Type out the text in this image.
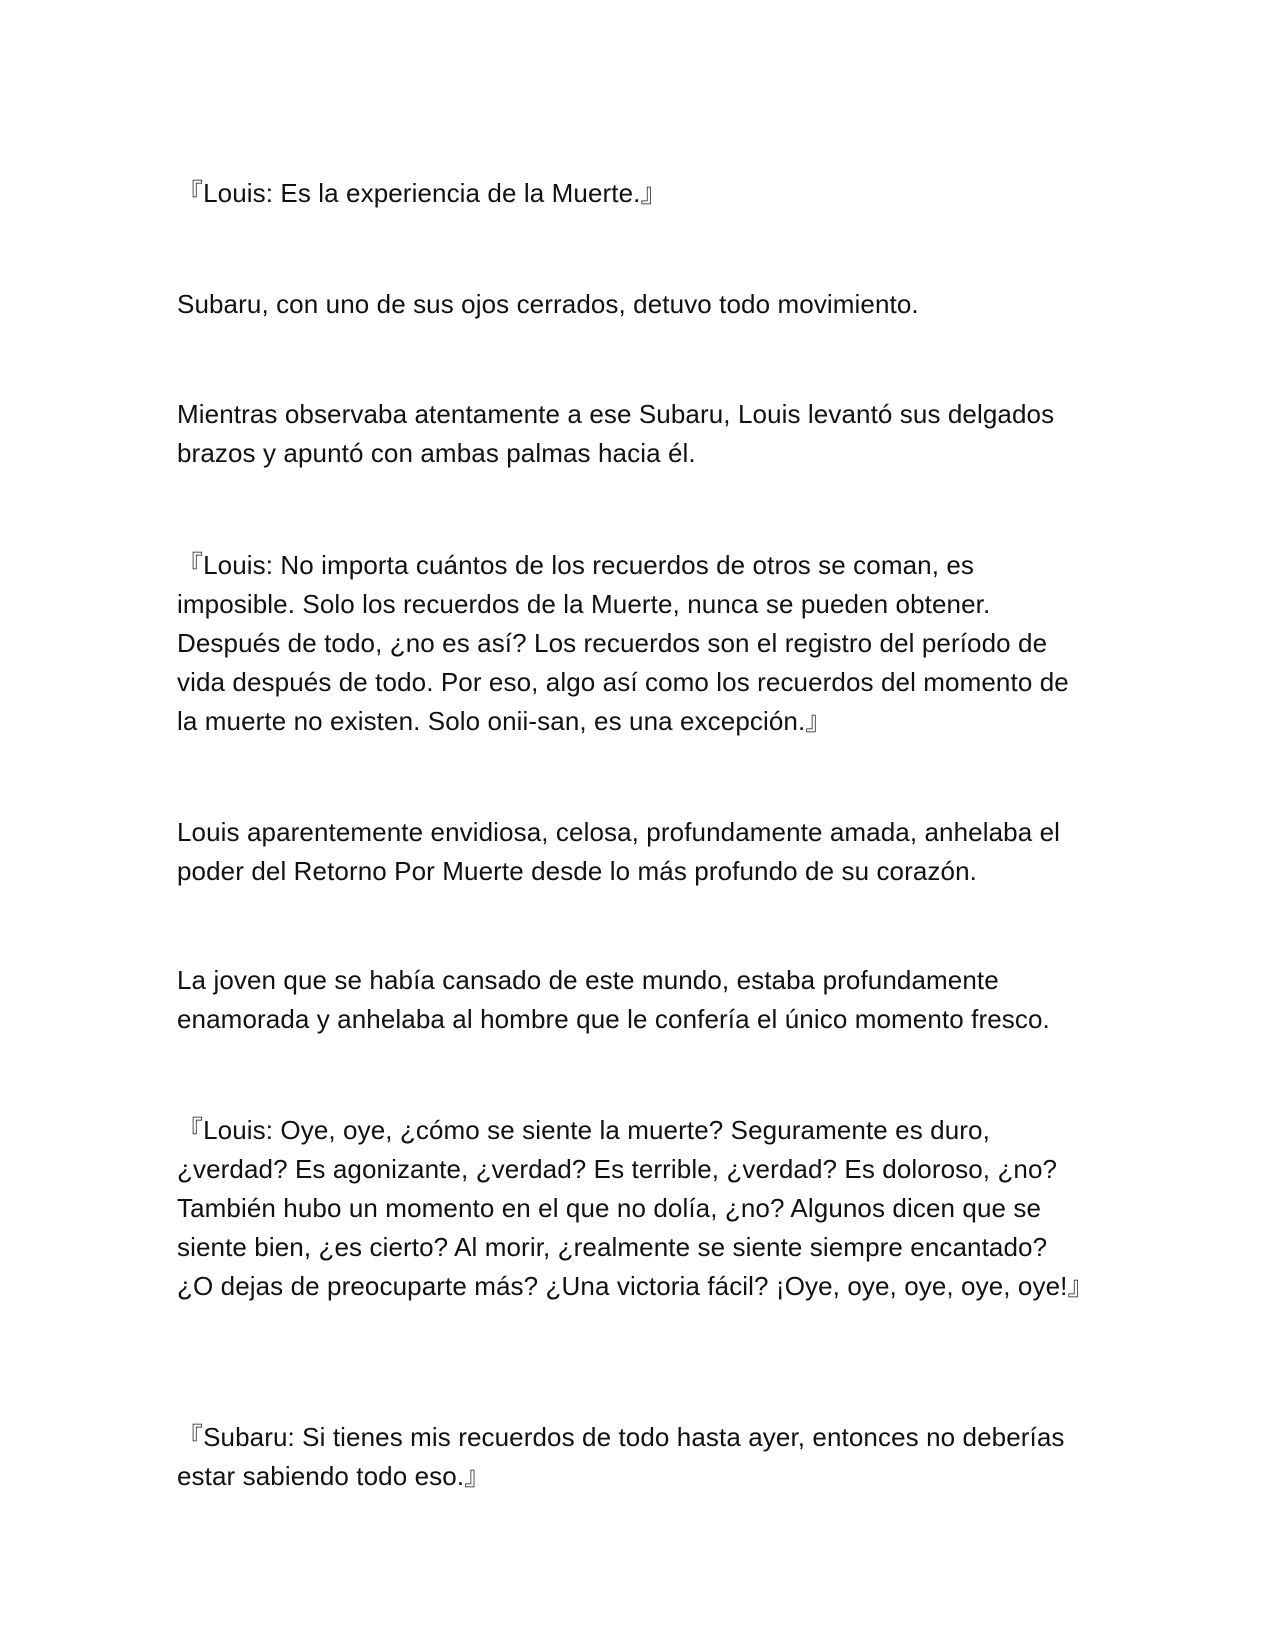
『Louis: Es la experiencia de la Muerte.』

Subaru, con uno de sus ojos cerrados, detuvo todo movimiento.

Mientras observaba atentamente a ese Subaru, Louis levantó sus delgados brazos y apuntó con ambas palmas hacia él.

『Louis: No importa cuántos de los recuerdos de otros se coman, es imposible. Solo los recuerdos de la Muerte, nunca se pueden obtener. Después de todo, ¿no es así? Los recuerdos son el registro del período de vida después de todo. Por eso, algo así como los recuerdos del momento de la muerte no existen. Solo onii-san, es una excepción.』

Louis aparentemente envidiosa, celosa, profundamente amada, anhelaba el poder del Retorno Por Muerte desde lo más profundo de su corazón.

La joven que se había cansado de este mundo, estaba profundamente enamorada y anhelaba al hombre que le confería el único momento fresco.

『Louis: Oye, oye, ¿cómo se siente la muerte? Seguramente es duro, ¿verdad? Es agonizante, ¿verdad? Es terrible, ¿verdad? Es doloroso, ¿no? También hubo un momento en el que no dolía, ¿no? Algunos dicen que se siente bien, ¿es cierto? Al morir, ¿realmente se siente siempre encantado? ¿O dejas de preocuparte más? ¿Una victoria fácil? ¡Oye, oye, oye, oye, oye!』

『Subaru: Si tienes mis recuerdos de todo hasta ayer, entonces no deberías estar sabiendo todo eso.』
